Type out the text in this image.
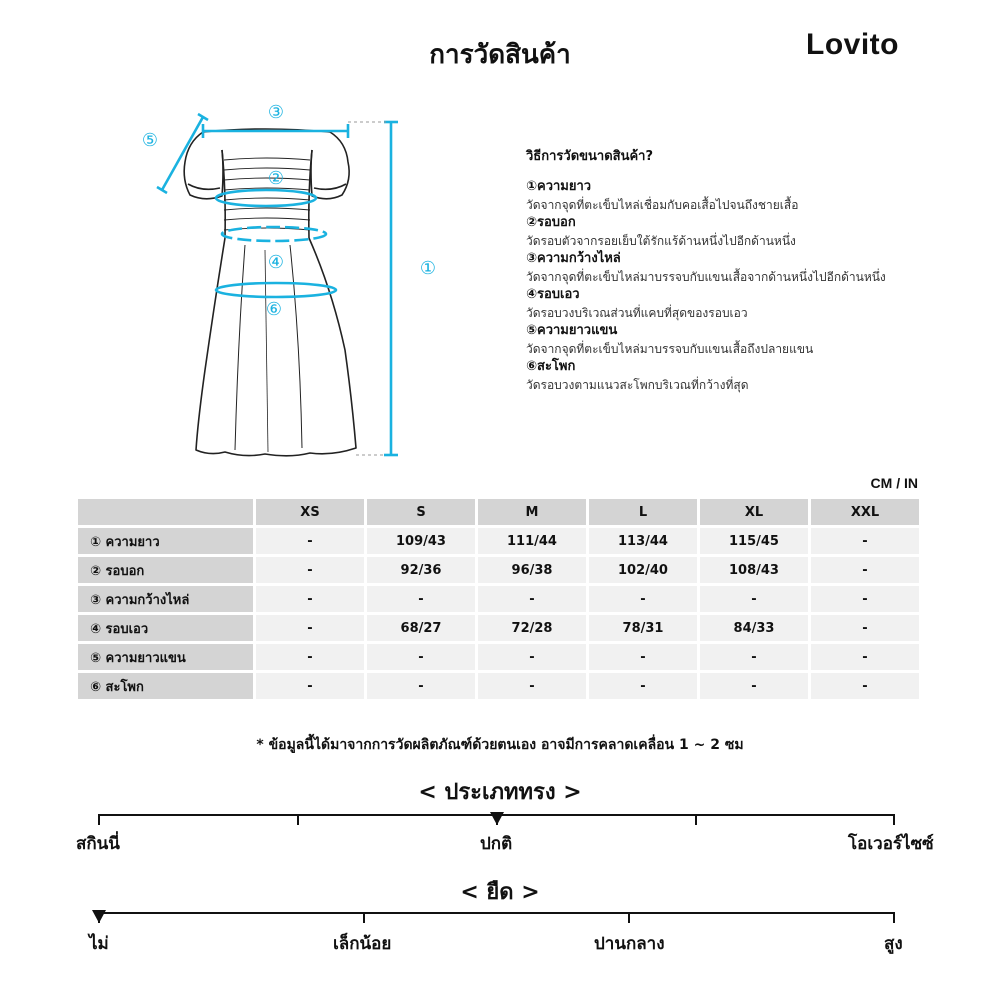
การวัดสินค้า	Lovito
①
②
③
④
⑤
⑥
วิธีการวัดขนาดสินค้า?
①ความยาว
วัดจากจุดที่ตะเข็บไหล่เชื่อมกับคอเสื้อไปจนถึงชายเสื้อ
②รอบอก
วัดรอบตัวจากรอยเย็บใต้รักแร้ด้านหนึ่งไปอีกด้านหนึ่ง
③ความกว้างไหล่
วัดจากจุดที่ตะเข็บไหล่มาบรรจบกับแขนเสื้อจากด้านหนึ่งไปอีกด้านหนึ่ง
④รอบเอว
วัดรอบวงบริเวณส่วนที่แคบที่สุดของรอบเอว
⑤ความยาวแขน
วัดจากจุดที่ตะเข็บไหล่มาบรรจบกับแขนเสื้อถึงปลายแขน
⑥สะโพก
วัดรอบวงตามแนวสะโพกบริเวณที่กว้างที่สุด
CM / IN
	XS	S	M	L	XL	XXL
① ความยาว	-	109/43	111/44	113/44	115/45	-
② รอบอก	-	92/36	96/38	102/40	108/43	-
③ ความกว้างไหล่	-	-	-	-	-	-
④ รอบเอว	-	68/27	72/28	78/31	84/33	-
⑤ ความยาวแขน	-	-	-	-	-	-
⑥ สะโพก	-	-	-	-	-	-
* ข้อมูลนี้ได้มาจากการวัดผลิตภัณฑ์ด้วยตนเอง อาจมีการคลาดเคลื่อน 1 ~ 2 ซม
< ประเภททรง >
สกินนี่	ปกติ	โอเวอร์ไซซ์
< ยืด >
ไม่	เล็กน้อย	ปานกลาง	สูง
